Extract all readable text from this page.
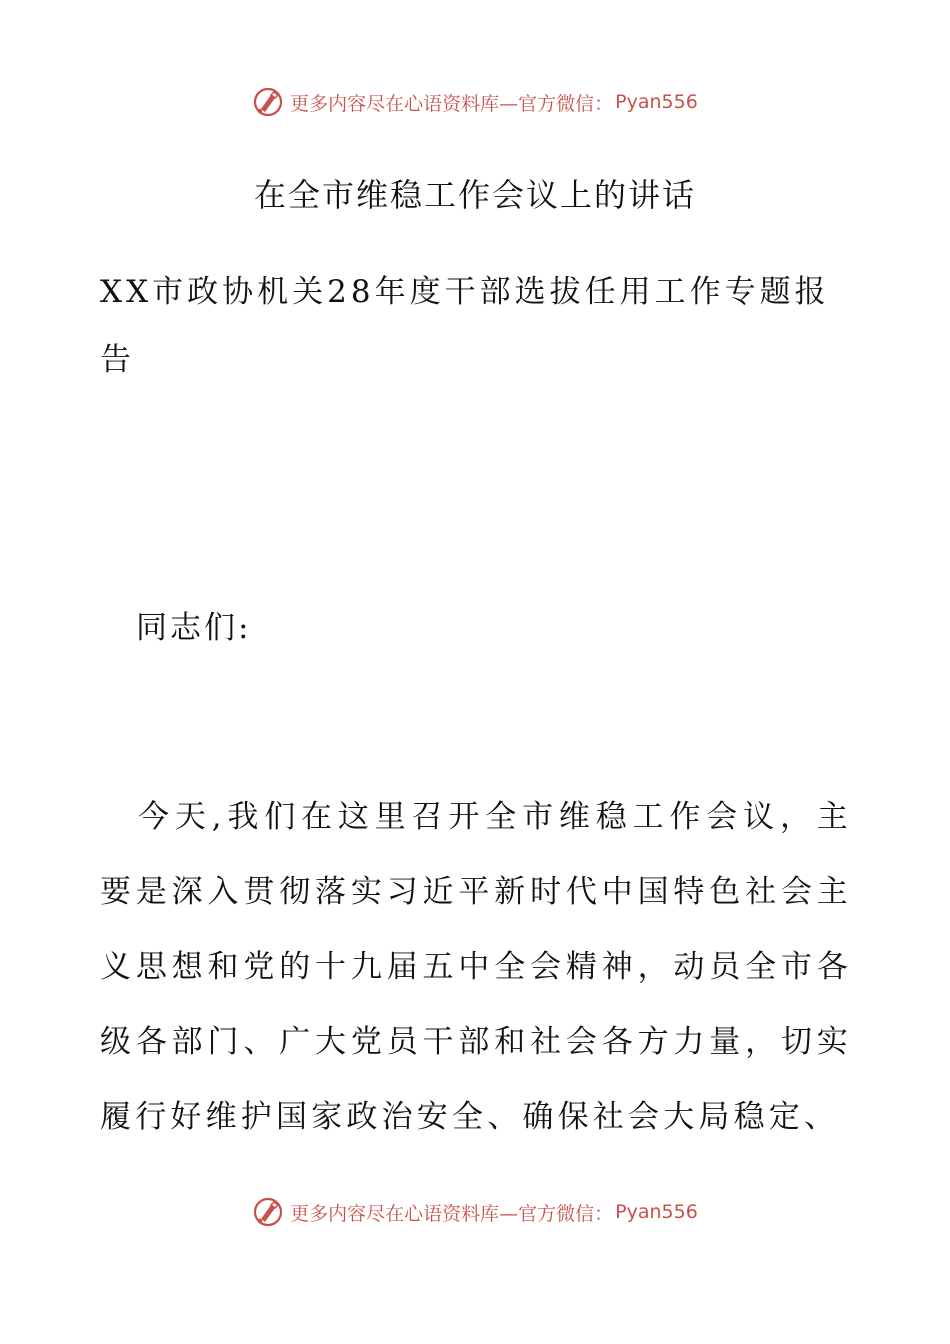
更多内容尽在心语资料库—官方微信： Pyan556
在全市维稳工作会议上的讲话
XX市政协机关28年度干部选拔任用工作专题报告

同志们:

今天,我们在这里召开全市维稳工作会议，主要是深入贯彻落实习近平新时代中国特色社会主义思想和党的十九届五中全会精神，动员全市各级各部门、广大党员干部和社会各方力量，切实履行好维护国家政治安全、确保社会大局稳定、

更多内容尽在心语资料库—官方微信： Pyan556
